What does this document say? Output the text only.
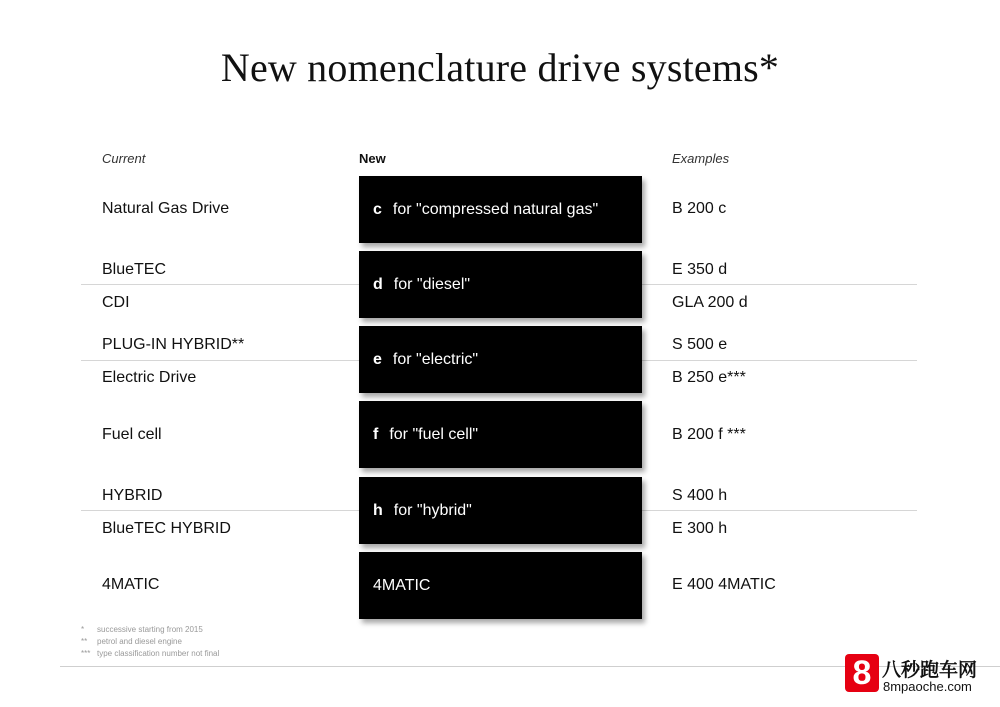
New nomenclature drive systems*
Current	New	Examples
Natural Gas Drive
BlueTEC
CDI
PLUG-IN HYBRID**
Electric Drive
Fuel cell
HYBRID
BlueTEC HYBRID
4MATIC
c for "compressed natural gas"
d for "diesel"
e for "electric"
f for "fuel cell"
h for "hybrid"
4MATIC
B 200 c
E 350 d
GLA 200 d
S 500 e
B 250 e***
B 200 f ***
S 400 h
E 300 h
E 400 4MATIC
* successive starting from 2015
** petrol and diesel engine
*** type classification number not final
8 八秒跑车网
8mpaoche.com
